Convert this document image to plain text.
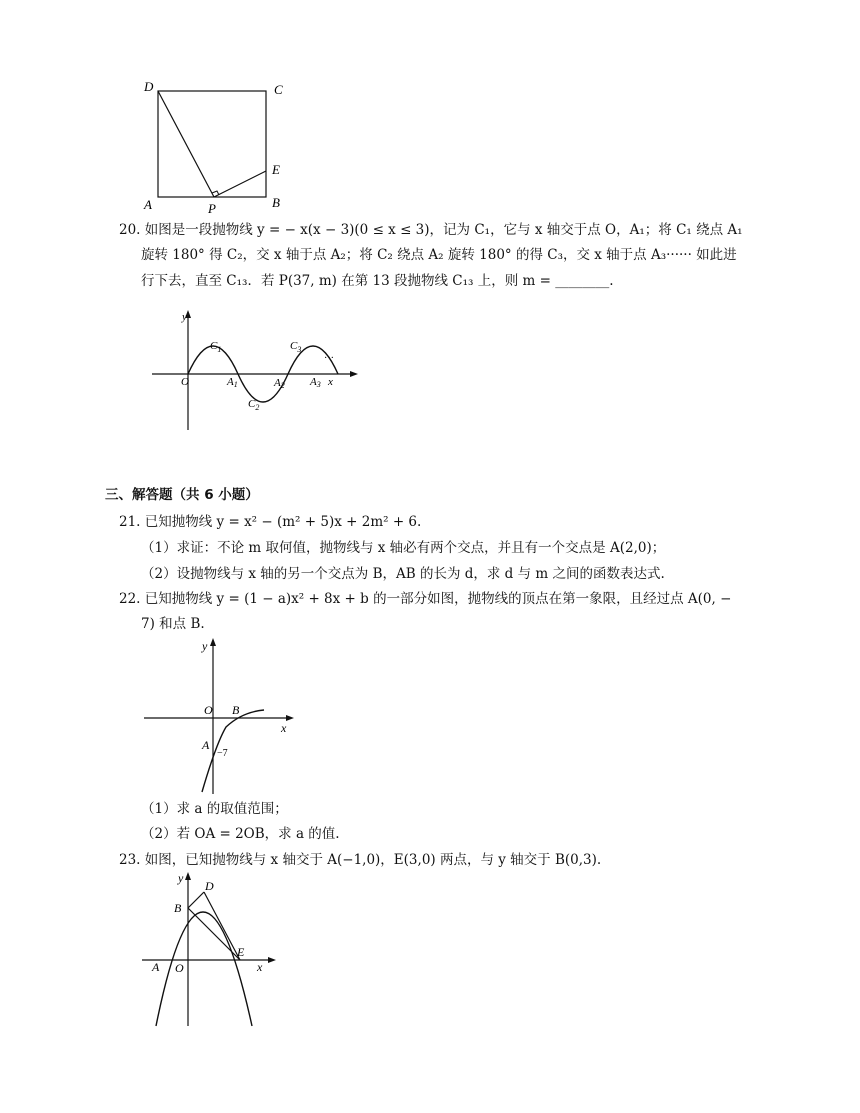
D	C
E
A	P	B
20. 如图是一段抛物线 y = − x(x − 3)(0 ≤ x ≤ 3)，记为 C₁，它与 x 轴交于点 O，A₁；将 C₁ 绕点 A₁
旋转 180° 得 C₂，交 x 轴于点 A₂；将 C₂ 绕点 A₂ 旋转 180° 的得 C₃，交 x 轴于点 A₃······ 如此进
行下去，直至 C₁₃．若 P(37, m) 在第 13 段抛物线 C₁₃ 上，则 m = ________.
y
x
O
$C_1$
$C_2$
$C_3$
A1	A2 A3
···
三、解答题（共 6 小题）
21. 已知抛物线 y = x² − (m² + 5)x + 2m² + 6.
（1）求证：不论 m 取何值，抛物线与 x 轴必有两个交点，并且有一个交点是 A(2,0)；
（2）设抛物线与 x 轴的另一个交点为 B，AB 的长为 d，求 d 与 m 之间的函数表达式.
22. 已知抛物线 y = (1 − a)x² + 8x + b 的一部分如图，抛物线的顶点在第一象限，且经过点 A(0, −
7) 和点 B.
y
x
O B
A
−7
（1）求 a 的取值范围；
（2）若 OA = 2OB，求 a 的值.
23. 如图，已知抛物线与 x 轴交于 A(−1,0)，E(3,0) 两点，与 y 轴交于 B(0,3).
y
x
O
A
B
D
E
